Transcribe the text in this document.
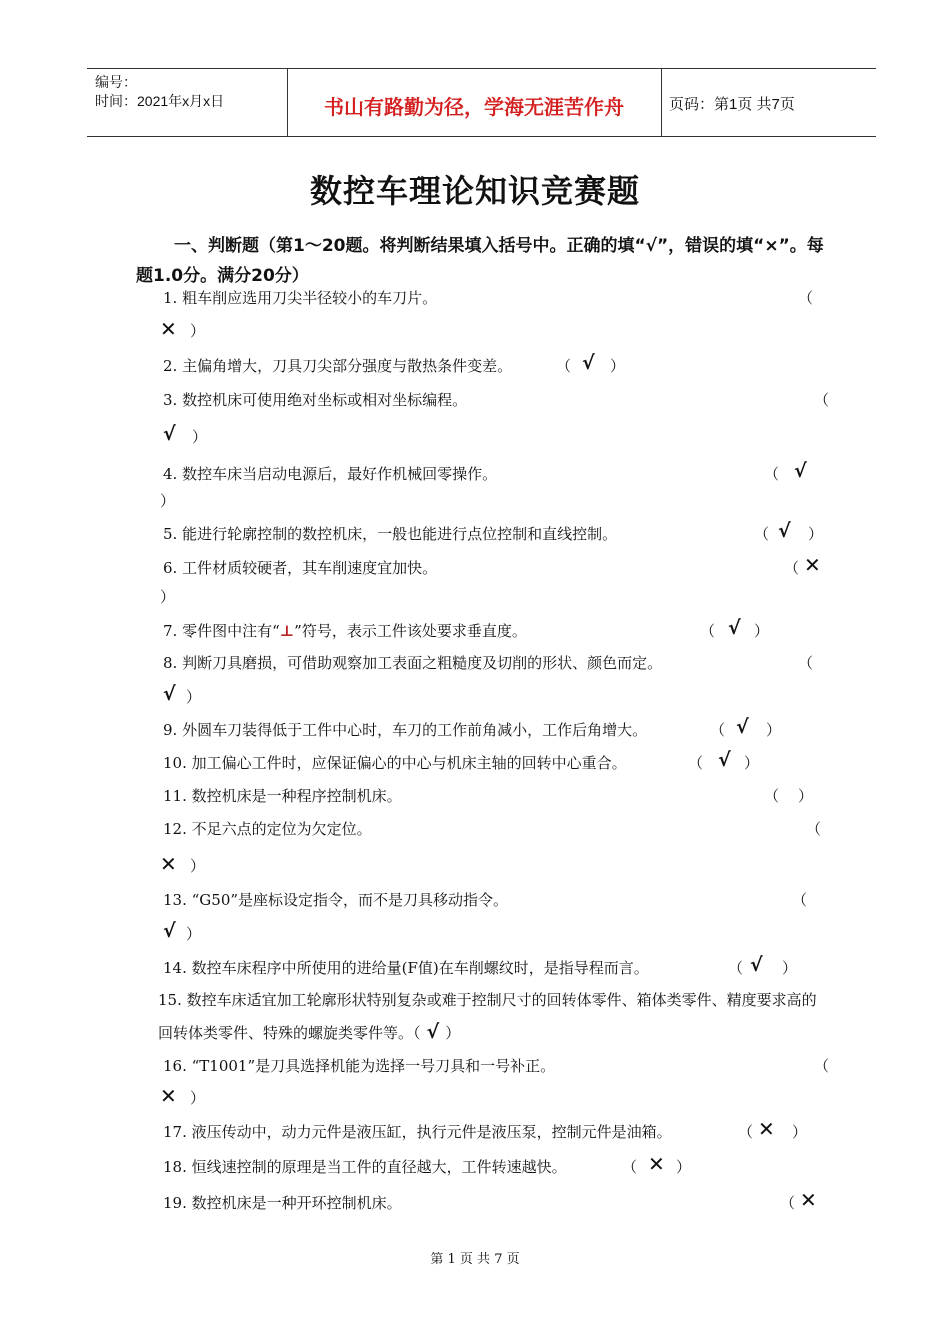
编号：
时间：2021年x月x日	书山有路勤为径，学海无涯苦作舟	页码：第1页 共7页
数控车理论知识竞赛题
一、判断题（第1～20题。将判断结果填入括号中。正确的填“√”，错误的填“×”。每题1.0分。满分20分）
1. 粗车削应选用刀尖半径较小的车刀片。	（
✕ ）
2. 主偏角增大，刀具刀尖部分强度与散热条件变差。	（ √ ）
3. 数控机床可使用绝对坐标或相对坐标编程。	（
√ ）
4. 数控车床当启动电源后，最好作机械回零操作。	（ √
）
5. 能进行轮廓控制的数控机床，一般也能进行点位控制和直线控制。	（ √ ）
6. 工件材质较硬者，其车削速度宜加快。	（ ✕
）
7. 零件图中注有“⊥”符号，表示工件该处要求垂直度。	（ √ ）
8. 判断刀具磨损，可借助观察加工表面之粗糙度及切削的形状、颜色而定。	（
√ ）
9. 外圆车刀装得低于工件中心时，车刀的工作前角减小，工作后角增大。	（ √ ）
10. 加工偏心工件时，应保证偏心的中心与机床主轴的回转中心重合。	（ √ ）
11. 数控机床是一种程序控制机床。	（ ）
12. 不足六点的定位为欠定位。	（
✕ ）
13. “G50”是座标设定指令，而不是刀具移动指令。	（
√ ）
14. 数控车床程序中所使用的进给量(F值)在车削螺纹时，是指导程而言。	（ √ ）
15. 数控车床适宜加工轮廓形状特别复杂或难于控制尺寸的回转体零件、箱体类零件、精度要求高的回转体类零件、特殊的螺旋类零件等。（ √ ）
16. “T1001”是刀具选择机能为选择一号刀具和一号补正。	（
✕ ）
17. 液压传动中，动力元件是液压缸，执行元件是液压泵，控制元件是油箱。	（ ✕ ）
18. 恒线速控制的原理是当工件的直径越大，工件转速越快。	（ ✕ ）
19. 数控机床是一种开环控制机床。	（ ✕
第 1 页 共 7 页
